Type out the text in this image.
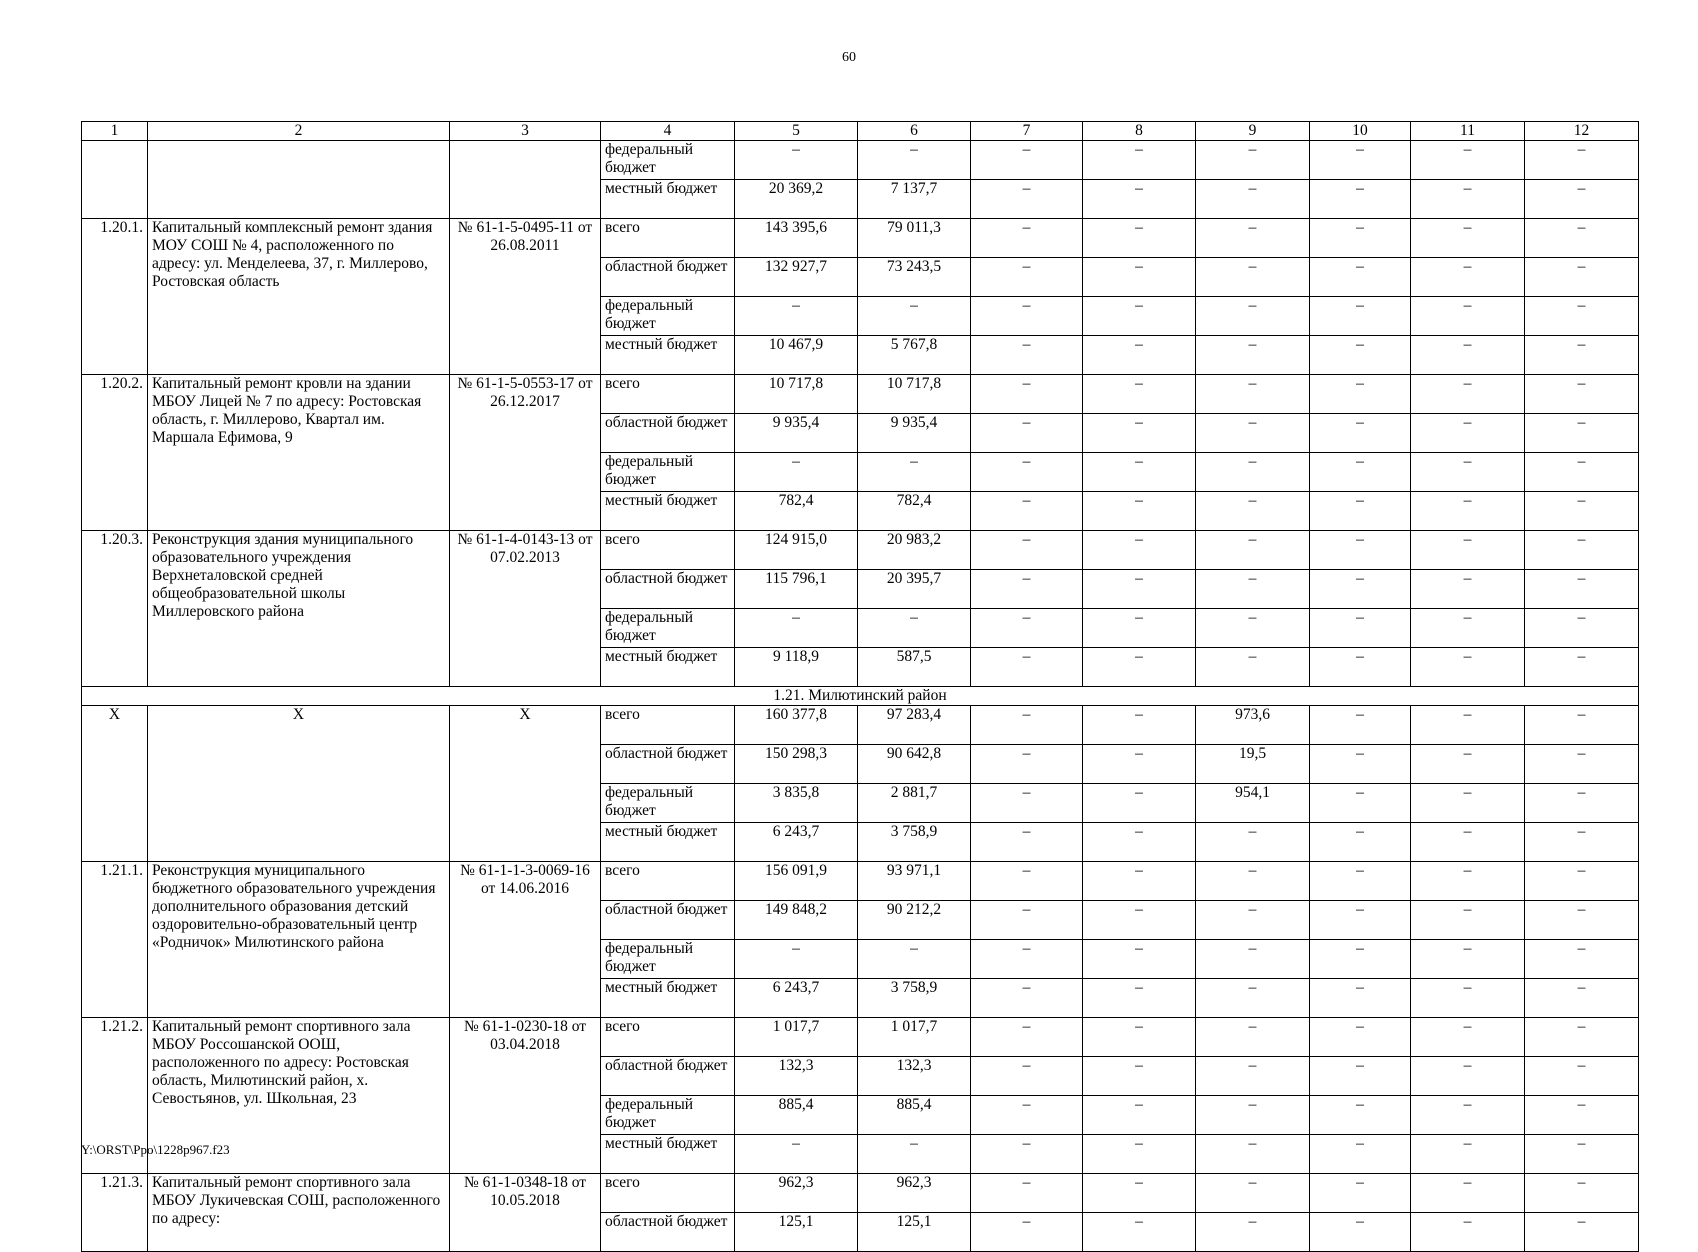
60
1	2	3	4	5	6	7	8	9	10	11	12
			федеральный бюджет	–	–	–	–	–	–	–	–
			местный бюджет	20 369,2	7 137,7	–	–	–	–	–	–
1.20.1.	Капитальный комплексный ремонт здания МОУ СОШ № 4, расположенного по адресу: ул. Менделеева, 37, г. Миллерово, Ростовская область	№ 61-1-5-0495-11 от 26.08.2011	всего	143 395,6	79 011,3	–	–	–	–	–	–
			областной бюджет	132 927,7	73 243,5	–	–	–	–	–	–
			федеральный бюджет	–	–	–	–	–	–	–	–
			местный бюджет	10 467,9	5 767,8	–	–	–	–	–	–
1.20.2.	Капитальный ремонт кровли на здании МБОУ Лицей № 7 по адресу: Ростовская область, г. Миллерово, Квартал им. Маршала Ефимова, 9	№ 61-1-5-0553-17 от 26.12.2017	всего	10 717,8	10 717,8	–	–	–	–	–	–
			областной бюджет	9 935,4	9 935,4	–	–	–	–	–	–
			федеральный бюджет	–	–	–	–	–	–	–	–
			местный бюджет	782,4	782,4	–	–	–	–	–	–
1.20.3.	Реконструкция здания муниципального образовательного учреждения Верхнеталовской средней общеобразовательной школы Миллеровского района	№ 61-1-4-0143-13 от 07.02.2013	всего	124 915,0	20 983,2	–	–	–	–	–	–
			областной бюджет	115 796,1	20 395,7	–	–	–	–	–	–
			федеральный бюджет	–	–	–	–	–	–	–	–
			местный бюджет	9 118,9	587,5	–	–	–	–	–	–
1.21. Милютинский район											
Х	Х	Х	всего	160 377,8	97 283,4	–	–	973,6	–	–	–
			областной бюджет	150 298,3	90 642,8	–	–	19,5	–	–	–
			федеральный бюджет	3 835,8	2 881,7	–	–	954,1	–	–	–
			местный бюджет	6 243,7	3 758,9	–	–	–	–	–	–
1.21.1.	Реконструкция муниципального бюджетного образовательного учреждения дополнительного образования детский оздоровительно-образовательный центр «Родничок» Милютинского района	№ 61-1-1-3-0069-16 от 14.06.2016	всего	156 091,9	93 971,1	–	–	–	–	–	–
			областной бюджет	149 848,2	90 212,2	–	–	–	–	–	–
			федеральный бюджет	–	–	–	–	–	–	–	–
			местный бюджет	6 243,7	3 758,9	–	–	–	–	–	–
1.21.2.	Капитальный ремонт спортивного зала МБОУ Россошанской ООШ, расположенного по адресу: Ростовская область, Милютинский район, х. Севостьянов, ул. Школьная, 23	№ 61-1-0230-18 от 03.04.2018	всего	1 017,7	1 017,7	–	–	–	–	–	–
			областной бюджет	132,3	132,3	–	–	–	–	–	–
			федеральный бюджет	885,4	885,4	–	–	–	–	–	–
			местный бюджет	–	–	–	–	–	–	–	–
1.21.3.	Капитальный ремонт спортивного зала МБОУ Лукичевская СОШ, расположенного по адресу:	№ 61-1-0348-18 от 10.05.2018	всего	962,3	962,3	–	–	–	–	–	–
			областной бюджет	125,1	125,1	–	–	–	–	–	–
Y:\ORST\Ppo\1228p967.f23
